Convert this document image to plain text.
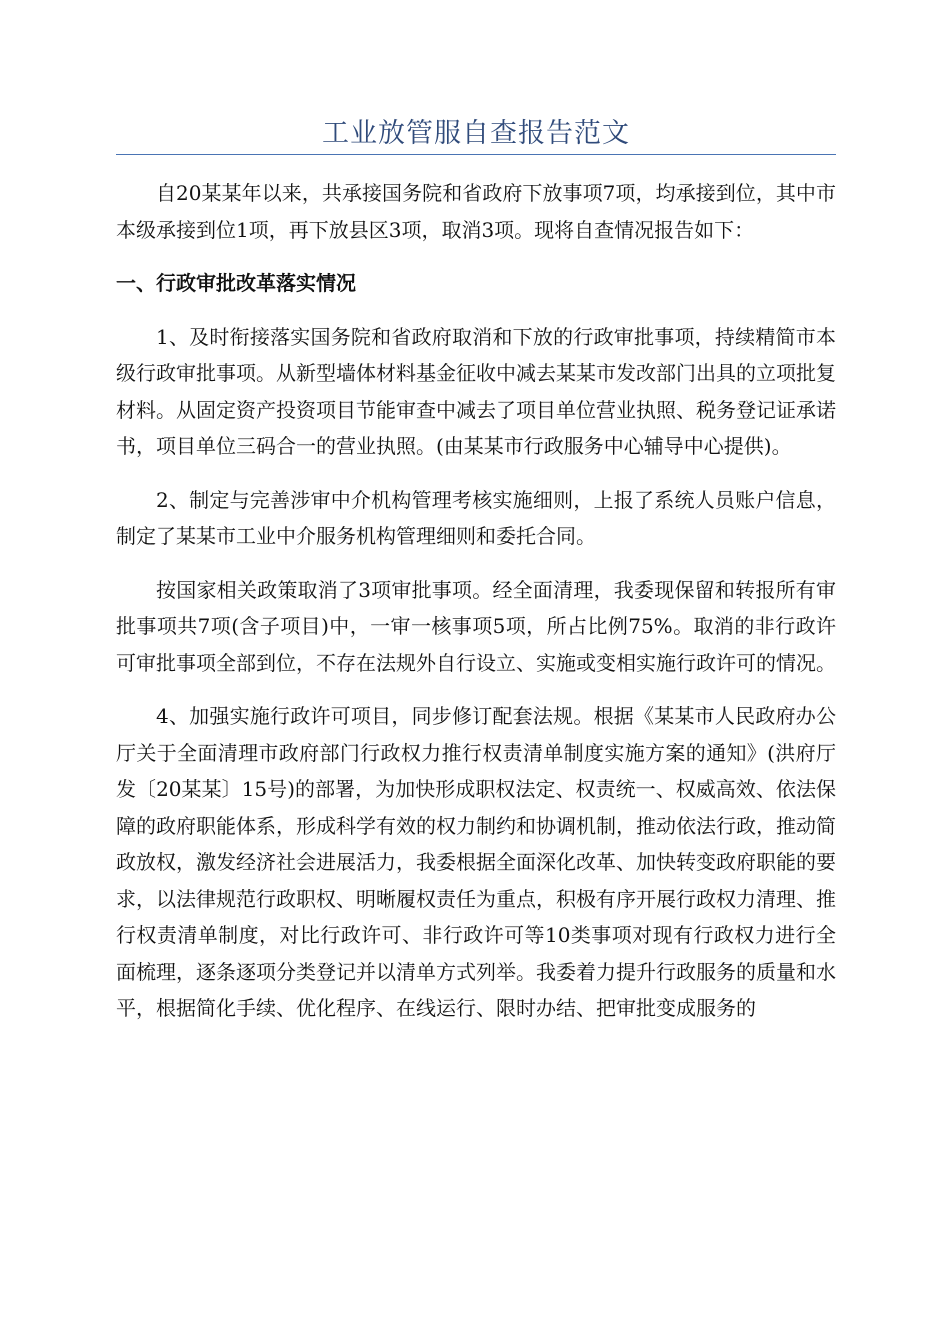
工业放管服自查报告范文

自20某某年以来，共承接国务院和省政府下放事项7项，均承接到位，其中市本级承接到位1项，再下放县区3项，取消3项。现将自查情况报告如下：

一、行政审批改革落实情况

1、及时衔接落实国务院和省政府取消和下放的行政审批事项，持续精简市本级行政审批事项。从新型墙体材料基金征收中减去某某市发改部门出具的立项批复材料。从固定资产投资项目节能审查中减去了项目单位营业执照、税务登记证承诺书，项目单位三码合一的营业执照。(由某某市行政服务中心辅导中心提供)。

2、制定与完善涉审中介机构管理考核实施细则，上报了系统人员账户信息，制定了某某市工业中介服务机构管理细则和委托合同。

按国家相关政策取消了3项审批事项。经全面清理，我委现保留和转报所有审批事项共7项(含子项目)中，一审一核事项5项，所占比例75%。取消的非行政许可审批事项全部到位，不存在法规外自行设立、实施或变相实施行政许可的情况。

4、加强实施行政许可项目，同步修订配套法规。根据《某某市人民政府办公厅关于全面清理市政府部门行政权力推行权责清单制度实施方案的通知》(洪府厅发〔20某某〕15号)的部署，为加快形成职权法定、权责统一、权威高效、依法保障的政府职能体系，形成科学有效的权力制约和协调机制，推动依法行政，推动简政放权，激发经济社会进展活力，我委根据全面深化改革、加快转变政府职能的要求，以法律规范行政职权、明晰履权责任为重点，积极有序开展行政权力清理、推行权责清单制度，对比行政许可、非行政许可等10类事项对现有行政权力进行全面梳理，逐条逐项分类登记并以清单方式列举。我委着力提升行政服务的质量和水平，根据简化手续、优化程序、在线运行、限时办结、把审批变成服务的
